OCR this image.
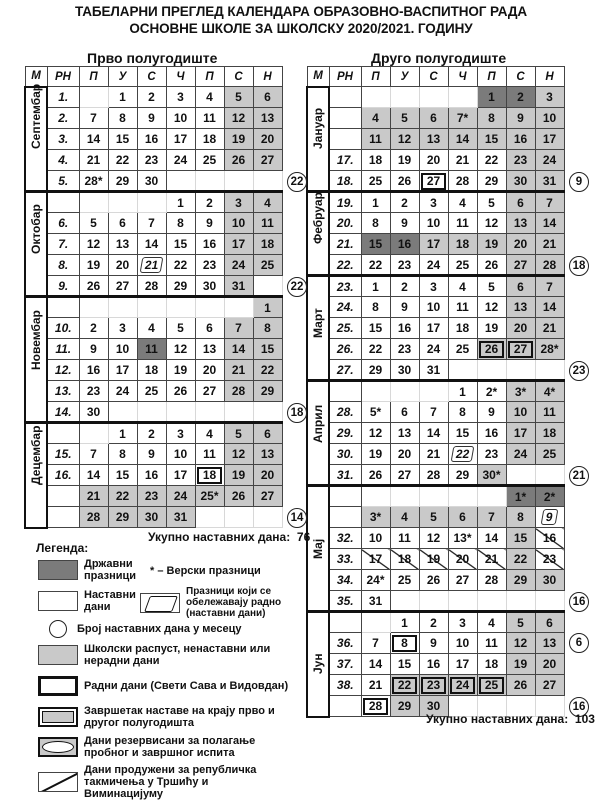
ТАБЕЛАРНИ ПРЕГЛЕД КАЛЕНДАРА ОБРАЗОВНО-ВАСПИТНОГ РАДА
ОСНОВНЕ ШКОЛЕ ЗА ШКОЛСКУ 2020/2021. ГОДИНУ
Прво полугодиште	Друго полугодиште
М	РН	П	У	С	Ч	П	С	Н

Септембар	1.		1	2	3	4	5	6
	2.	7	8	9	10	11	12	13
	3.	14	15	16	17	18	19	20
	4.	21	22	23	24	25	26	27
	5.	28*	29	30				

Октобар					1	2	3	4
	6.	5	6	7	8	9	10	11
	7.	12	13	14	15	16	17	18
	8.	19	20	21	22	23	24	25
	9.	26	27	28	29	30	31	

Новембар								1
	10.	2	3	4	5	6	7	8
	11.	9	10	11	12	13	14	15
	12.	16	17	18	19	20	21	22
	13.	23	24	25	26	27	28	29
	14.	30						

Децембар			1	2	3	4	5	6
	15.	7	8	9	10	11	12	13
	16.	14	15	16	17	18	19	20
		21	22	23	24	25*	26	27
		28	29	30	31			
М	РН	П	У	С	Ч	П	С	Н

Јануар						1	2	3
		4	5	6	7*	8	9	10
		11	12	13	14	15	16	17
	17.	18	19	20	21	22	23	24
	18.	25	26	27	28	29	30	31

Фебруар	19.	1	2	3	4	5	6	7
	20.	8	9	10	11	12	13	14
	21.	15	16	17	18	19	20	21
	22.	22	23	24	25	26	27	28

Март	23.	1	2	3	4	5	6	7
	24.	8	9	10	11	12	13	14
	25.	15	16	17	18	19	20	21
	26.	22	23	24	25	26	27	28*
	27.	29	30	31				

Април					1	2*	3*	4*
	28.	5*	6	7	8	9	10	11
	29.	12	13	14	15	16	17	18
	30.	19	20	21	22	23	24	25
	31.	26	27	28	29	30*		

Мај							1*	2*
		3*	4	5	6	7	8	9
	32.	10	11	12	13*	14	15	16
	33.	17	18	19	20	21	22	23
	34.	24*	25	26	27	28	29	30
	35.	31						

Јун			1	2	3	4	5	6
	36.	7	8	9	10	11	12	13
	37.	14	15	16	17	18	19	20
	38.	21	22	23	24	25	26	27
		28	29	30				
22
22
18
14
9
18
23
21
16
16
6
Укупно наставних дана: 76
Укупно наставних дана: 103
Легенда:
Државни празници	* – Верски празници
Наставни дани
Празници који се обележавају радно (наставни дани)
Број наставних дана у месецу
Школски распуст, ненаставни или нерадни дани
Радни дани (Свети Сава и Видовдан)
Завршетак наставе на крају прво и другог полугодишта
Дани резервисани за полагање пробног и завршног испита
Дани продужени за републичка такмичења у Тршићу и Виминацијуму
